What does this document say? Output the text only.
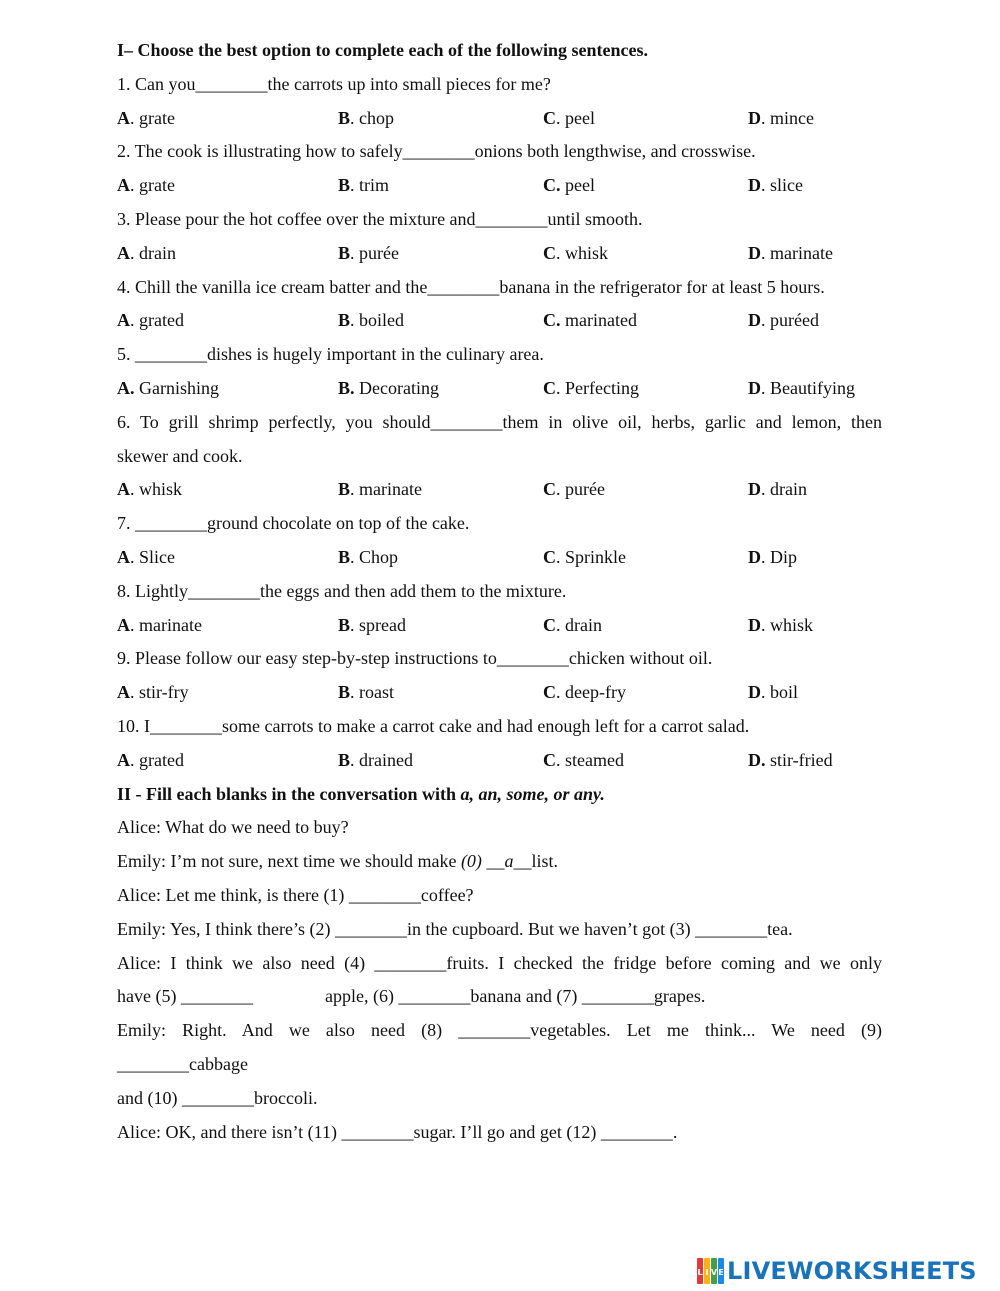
I– Choose the best option to complete each of the following sentences.
1. Can you________the carrots up into small pieces for me?
A. grate	B. chop	C. peel	D. mince
2. The cook is illustrating how to safely________onions both lengthwise, and crosswise.
A. grate	B. trim	C. peel	D. slice
3. Please pour the hot coffee over the mixture and________until smooth.
A. drain	B. purée	C. whisk	D. marinate
4. Chill the vanilla ice cream batter and the________banana in the refrigerator for at least 5 hours.
A. grated	B. boiled	C. marinated	D. puréed
5. ________dishes is hugely important in the culinary area.
A. Garnishing	B. Decorating	C. Perfecting	D. Beautifying
6. To grill shrimp perfectly, you should________them in olive oil, herbs, garlic and lemon, then
skewer and cook.
A. whisk	B. marinate	C. purée	D. drain
7. ________ground chocolate on top of the cake.
A. Slice	B. Chop	C. Sprinkle	D. Dip
8. Lightly________the eggs and then add them to the mixture.
A. marinate	B. spread	C. drain	D. whisk
9. Please follow our easy step-by-step instructions to________chicken without oil.
A. stir-fry	B. roast	C. deep-fry	D. boil
10. I________some carrots to make a carrot cake and had enough left for a carrot salad.
A. grated	B. drained	C. steamed	D. stir-fried
II - Fill each blanks in the conversation with a, an, some, or any.
Alice: What do we need to buy?
Emily: I’m not sure, next time we should make (0) __a__list.
Alice: Let me think, is there (1) ________coffee?
Emily: Yes, I think there’s (2) ________in the cupboard. But we haven’t got (3) ________tea.
Alice: I think we also need (4) ________fruits. I checked the fridge before coming and we only
have (5) ________	apple, (6) ________banana and (7) ________grapes.
Emily: Right. And we also need (8) ________vegetables. Let me think... We need (9)
________cabbage
and (10) ________broccoli.
Alice: OK, and there isn’t (11) ________sugar. I’ll go and get (12) ________.
L I V E LIVEWORKSHEETS
